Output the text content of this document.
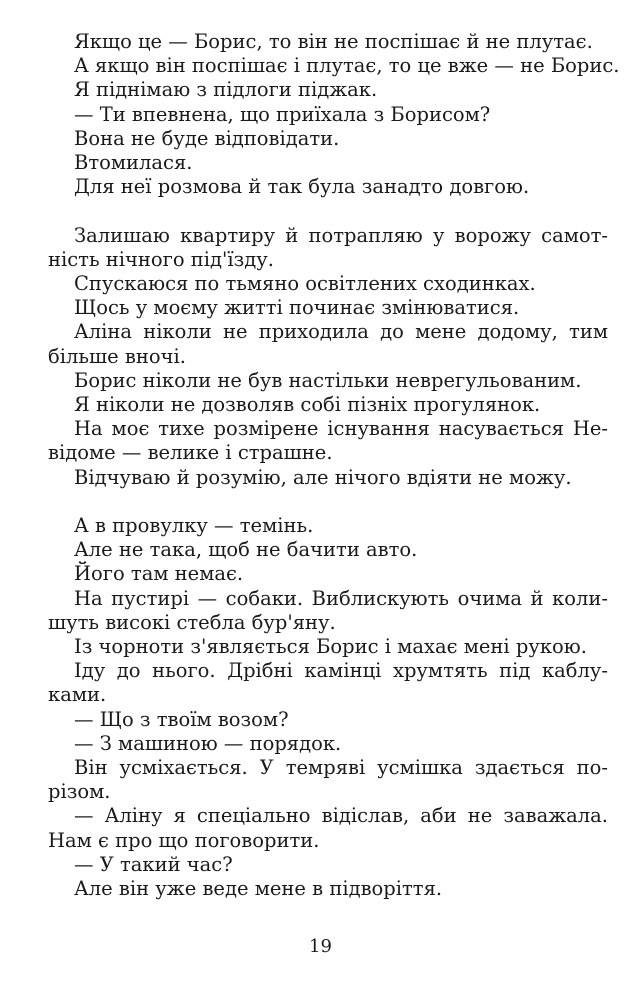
Якщо це — Борис, то він не поспішає й не плутає.
А якщо він поспішає і плутає, то це вже — не Борис.
Я піднімаю з підлоги піджак.
— Ти впевнена, що приїхала з Борисом?
Вона не буде відповідати.
Втомилася.
Для неї розмова й так була занадто довгою.
Залишаю квартиру й потрапляю у ворожу самот-
ність нічного під'їзду.
Спускаюся по тьмяно освітлених сходинках.
Щось у моєму житті починає змінюватися.
Аліна ніколи не приходила до мене додому, тим
більше вночі.
Борис ніколи не був настільки неврегульованим.
Я ніколи не дозволяв собі пізніх прогулянок.
На моє тихе розмірене існування насувається Не-
відоме — велике і страшне.
Відчуваю й розумію, але нічого вдіяти не можу.
А в провулку — темінь.
Але не така, щоб не бачити авто.
Його там немає.
На пустирі — собаки. Виблискують очима й коли-
шуть високі стебла бур'яну.
Із чорноти з'являється Борис і махає мені рукою.
Іду до нього. Дрібні камінці хрумтять під каблу-
ками.
— Що з твоїм возом?
— З машиною — порядок.
Він усміхається. У темряві усмішка здається по-
різом.
— Аліну я спеціально відіслав, аби не заважала.
Нам є про що поговорити.
— У такий час?
Але він уже веде мене в підворіття.
19
